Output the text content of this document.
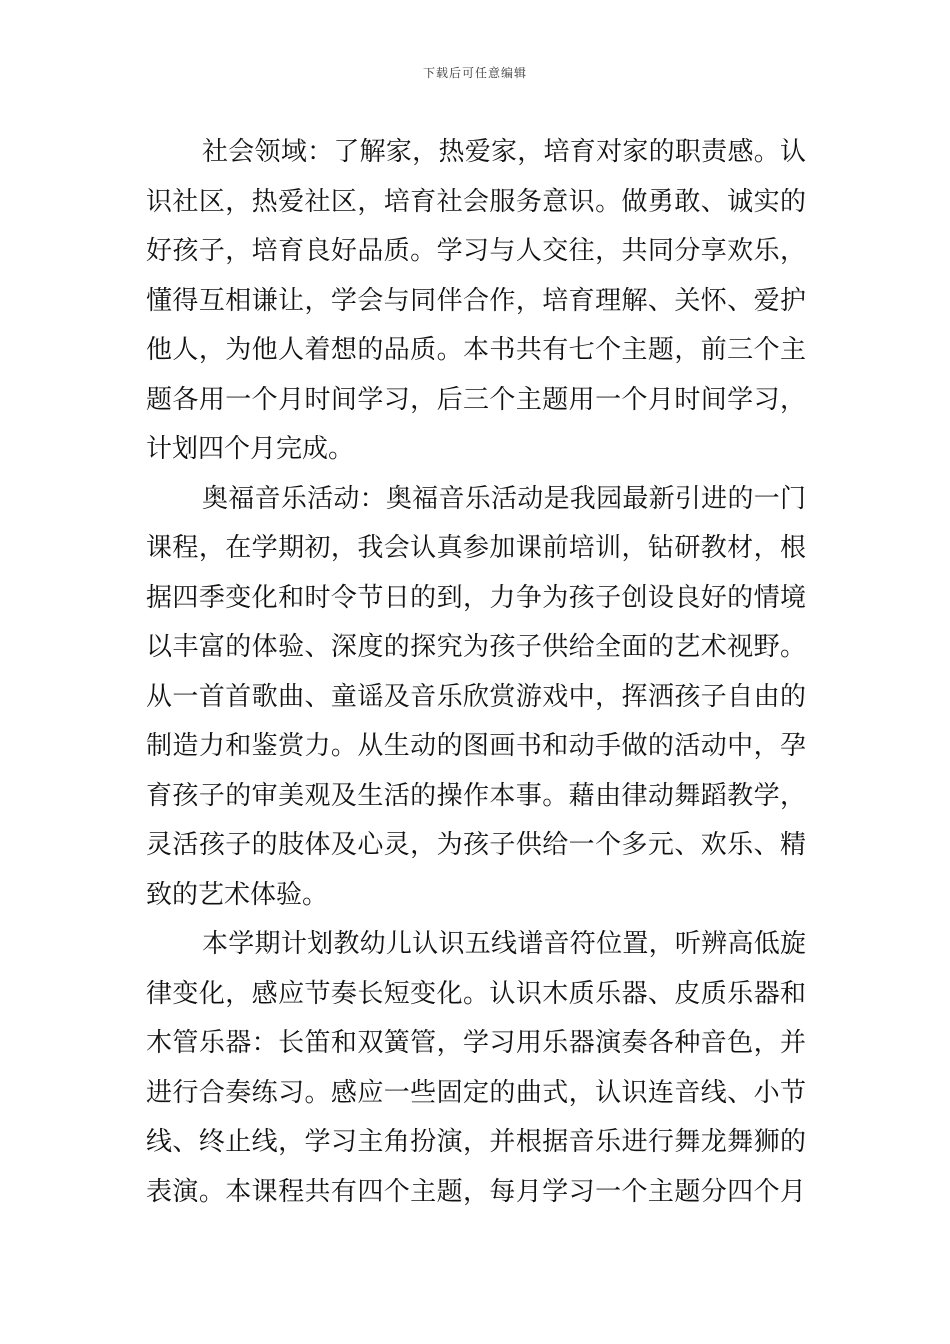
下载后可任意编辑
社会领域：了解家，热爱家，培育对家的职责感。认
识社区，热爱社区，培育社会服务意识。做勇敢、诚实的
好孩子，培育良好品质。学习与人交往，共同分享欢乐，
懂得互相谦让，学会与同伴合作，培育理解、关怀、爱护
他人，为他人着想的品质。本书共有七个主题，前三个主
题各用一个月时间学习，后三个主题用一个月时间学习，
计划四个月完成。
奥福音乐活动：奥福音乐活动是我园最新引进的一门
课程，在学期初，我会认真参加课前培训，钻研教材，根
据四季变化和时令节日的到，力争为孩子创设良好的情境
以丰富的体验、深度的探究为孩子供给全面的艺术视野。
从一首首歌曲、童谣及音乐欣赏游戏中，挥洒孩子自由的
制造力和鉴赏力。从生动的图画书和动手做的活动中，孕
育孩子的审美观及生活的操作本事。藉由律动舞蹈教学，
灵活孩子的肢体及心灵，为孩子供给一个多元、欢乐、精
致的艺术体验。
本学期计划教幼儿认识五线谱音符位置，听辨高低旋
律变化，感应节奏长短变化。认识木质乐器、皮质乐器和
木管乐器：长笛和双簧管，学习用乐器演奏各种音色，并
进行合奏练习。感应一些固定的曲式，认识连音线、小节
线、终止线，学习主角扮演，并根据音乐进行舞龙舞狮的
表演。本课程共有四个主题，每月学习一个主题分四个月
